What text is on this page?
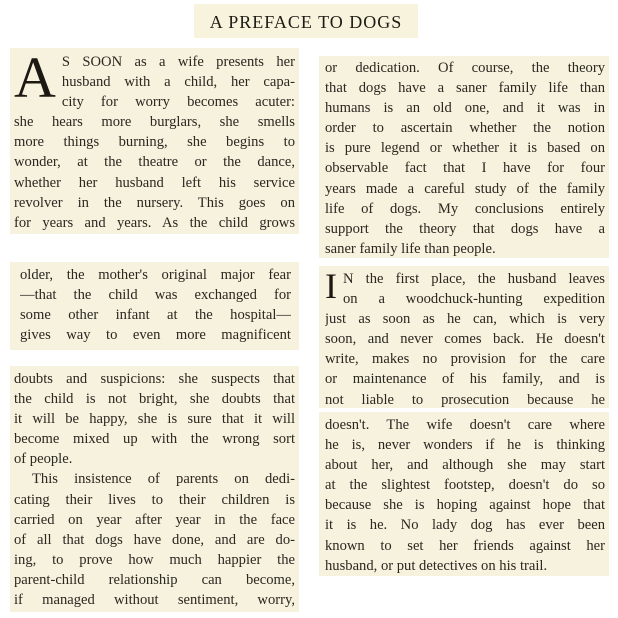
A PREFACE TO DOGS
A S SOON as a wife presents her
husband with a child, her capa-
city for worry becomes acuter:
she hears more burglars, she smells
more things burning, she begins to
wonder, at the theatre or the dance,
whether her husband left his service
revolver in the nursery. This goes on
for years and years. As the child grows
older, the mother's original major fear
—that the child was exchanged for
some other infant at the hospital—
gives way to even more magnificent
doubts and suspicions: she suspects that
the child is not bright, she doubts that
it will be happy, she is sure that it will
become mixed up with the wrong sort
of people.
This insistence of parents on dedi-
cating their lives to their children is
carried on year after year in the face
of all that dogs have done, and are do-
ing, to prove how much happier the
parent-child relationship can become,
if managed without sentiment, worry,
or dedication. Of course, the theory
that dogs have a saner family life than
humans is an old one, and it was in
order to ascertain whether the notion
is pure legend or whether it is based on
observable fact that I have for four
years made a careful study of the family
life of dogs. My conclusions entirely
support the theory that dogs have a
saner family life than people.
I N the first place, the husband leaves
on a woodchuck-hunting expedition
just as soon as he can, which is very
soon, and never comes back. He doesn't
write, makes no provision for the care
or maintenance of his family, and is
not liable to prosecution because he
doesn't. The wife doesn't care where
he is, never wonders if he is thinking
about her, and although she may start
at the slightest footstep, doesn't do so
because she is hoping against hope that
it is he. No lady dog has ever been
known to set her friends against her
husband, or put detectives on his trail.
